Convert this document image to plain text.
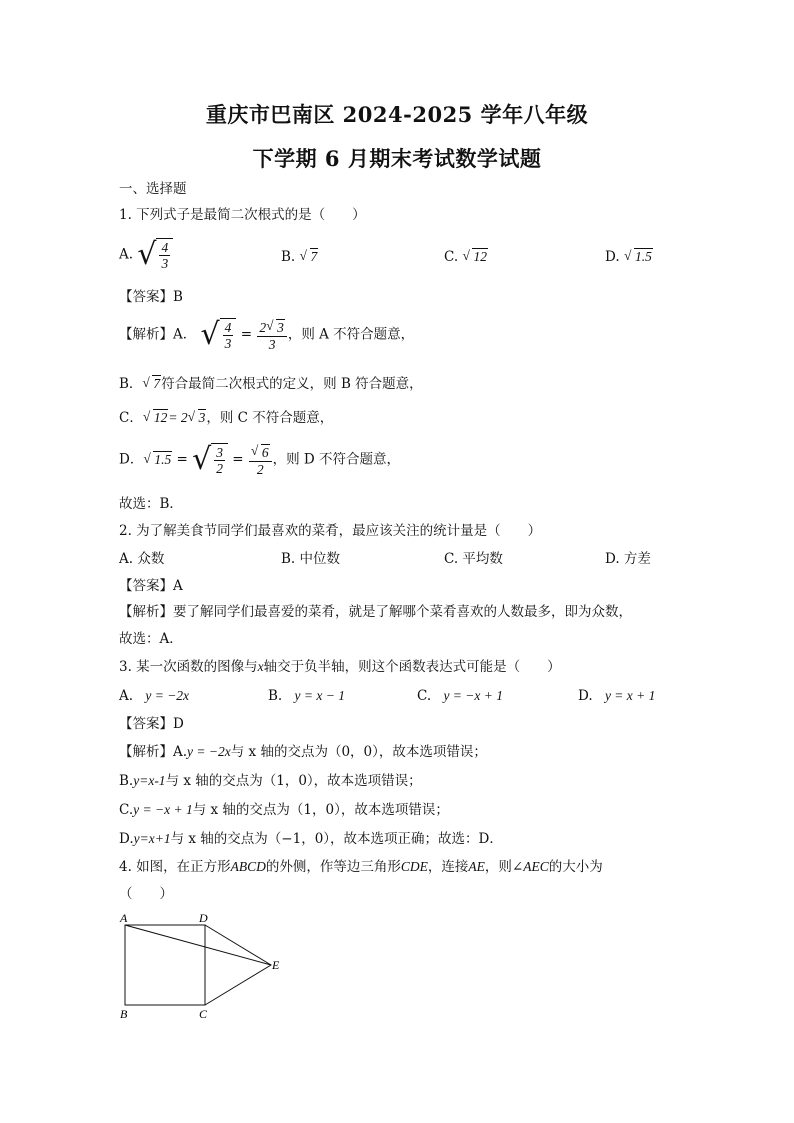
重庆市巴南区 2024-2025 学年八年级
下学期 6 月期末考试数学试题
一、选择题
1. 下列式子是最简二次根式的是（　　）
A. √ $\frac{4}{3}$	B. √ 7	C. √ 12	D. √ 1.5
【答案】B
【解析】A． √ $\frac{4}{3} = \frac{2 √ 3}{3}$ ，则 A 不符合题意，
B． √ 7符合最简二次根式的定义，则 B 符合题意，
C． √ 12= 2 √ 3，则 C 不符合题意，
D． √ 1.5 = √ $\frac{3}{2}$ = √ $\frac{6}{2}$ ，则 D 不符合题意，
故选：B．
2. 为了解美食节同学们最喜欢的菜肴，最应该关注的统计量是（　　）
A. 众数	B. 中位数	C. 平均数	D. 方差
【答案】A
【解析】要了解同学们最喜爱的菜肴，就是了解哪个菜肴喜欢的人数最多，即为众数，
故选：A．
3. 某一次函数的图像与x轴交于负半轴，则这个函数表达式可能是（　　）
A. y = −2x	B. y = x − 1	C. y = −x + 1	D. y = x + 1
【答案】D
【解析】A.y = −2x与 x 轴的交点为（0，0），故本选项错误；
B.y=x-1与 x 轴的交点为（1，0），故本选项错误；
C.y = −x + 1与 x 轴的交点为（1，0），故本选项错误；
D.y=x+1与 x 轴的交点为（−1，0），故本选项正确；故选：D．
4. 如图，在正方形ABCD的外侧，作等边三角形CDE，连接AE，则∠AEC的大小为
（　　）
A	D
E
B	C
